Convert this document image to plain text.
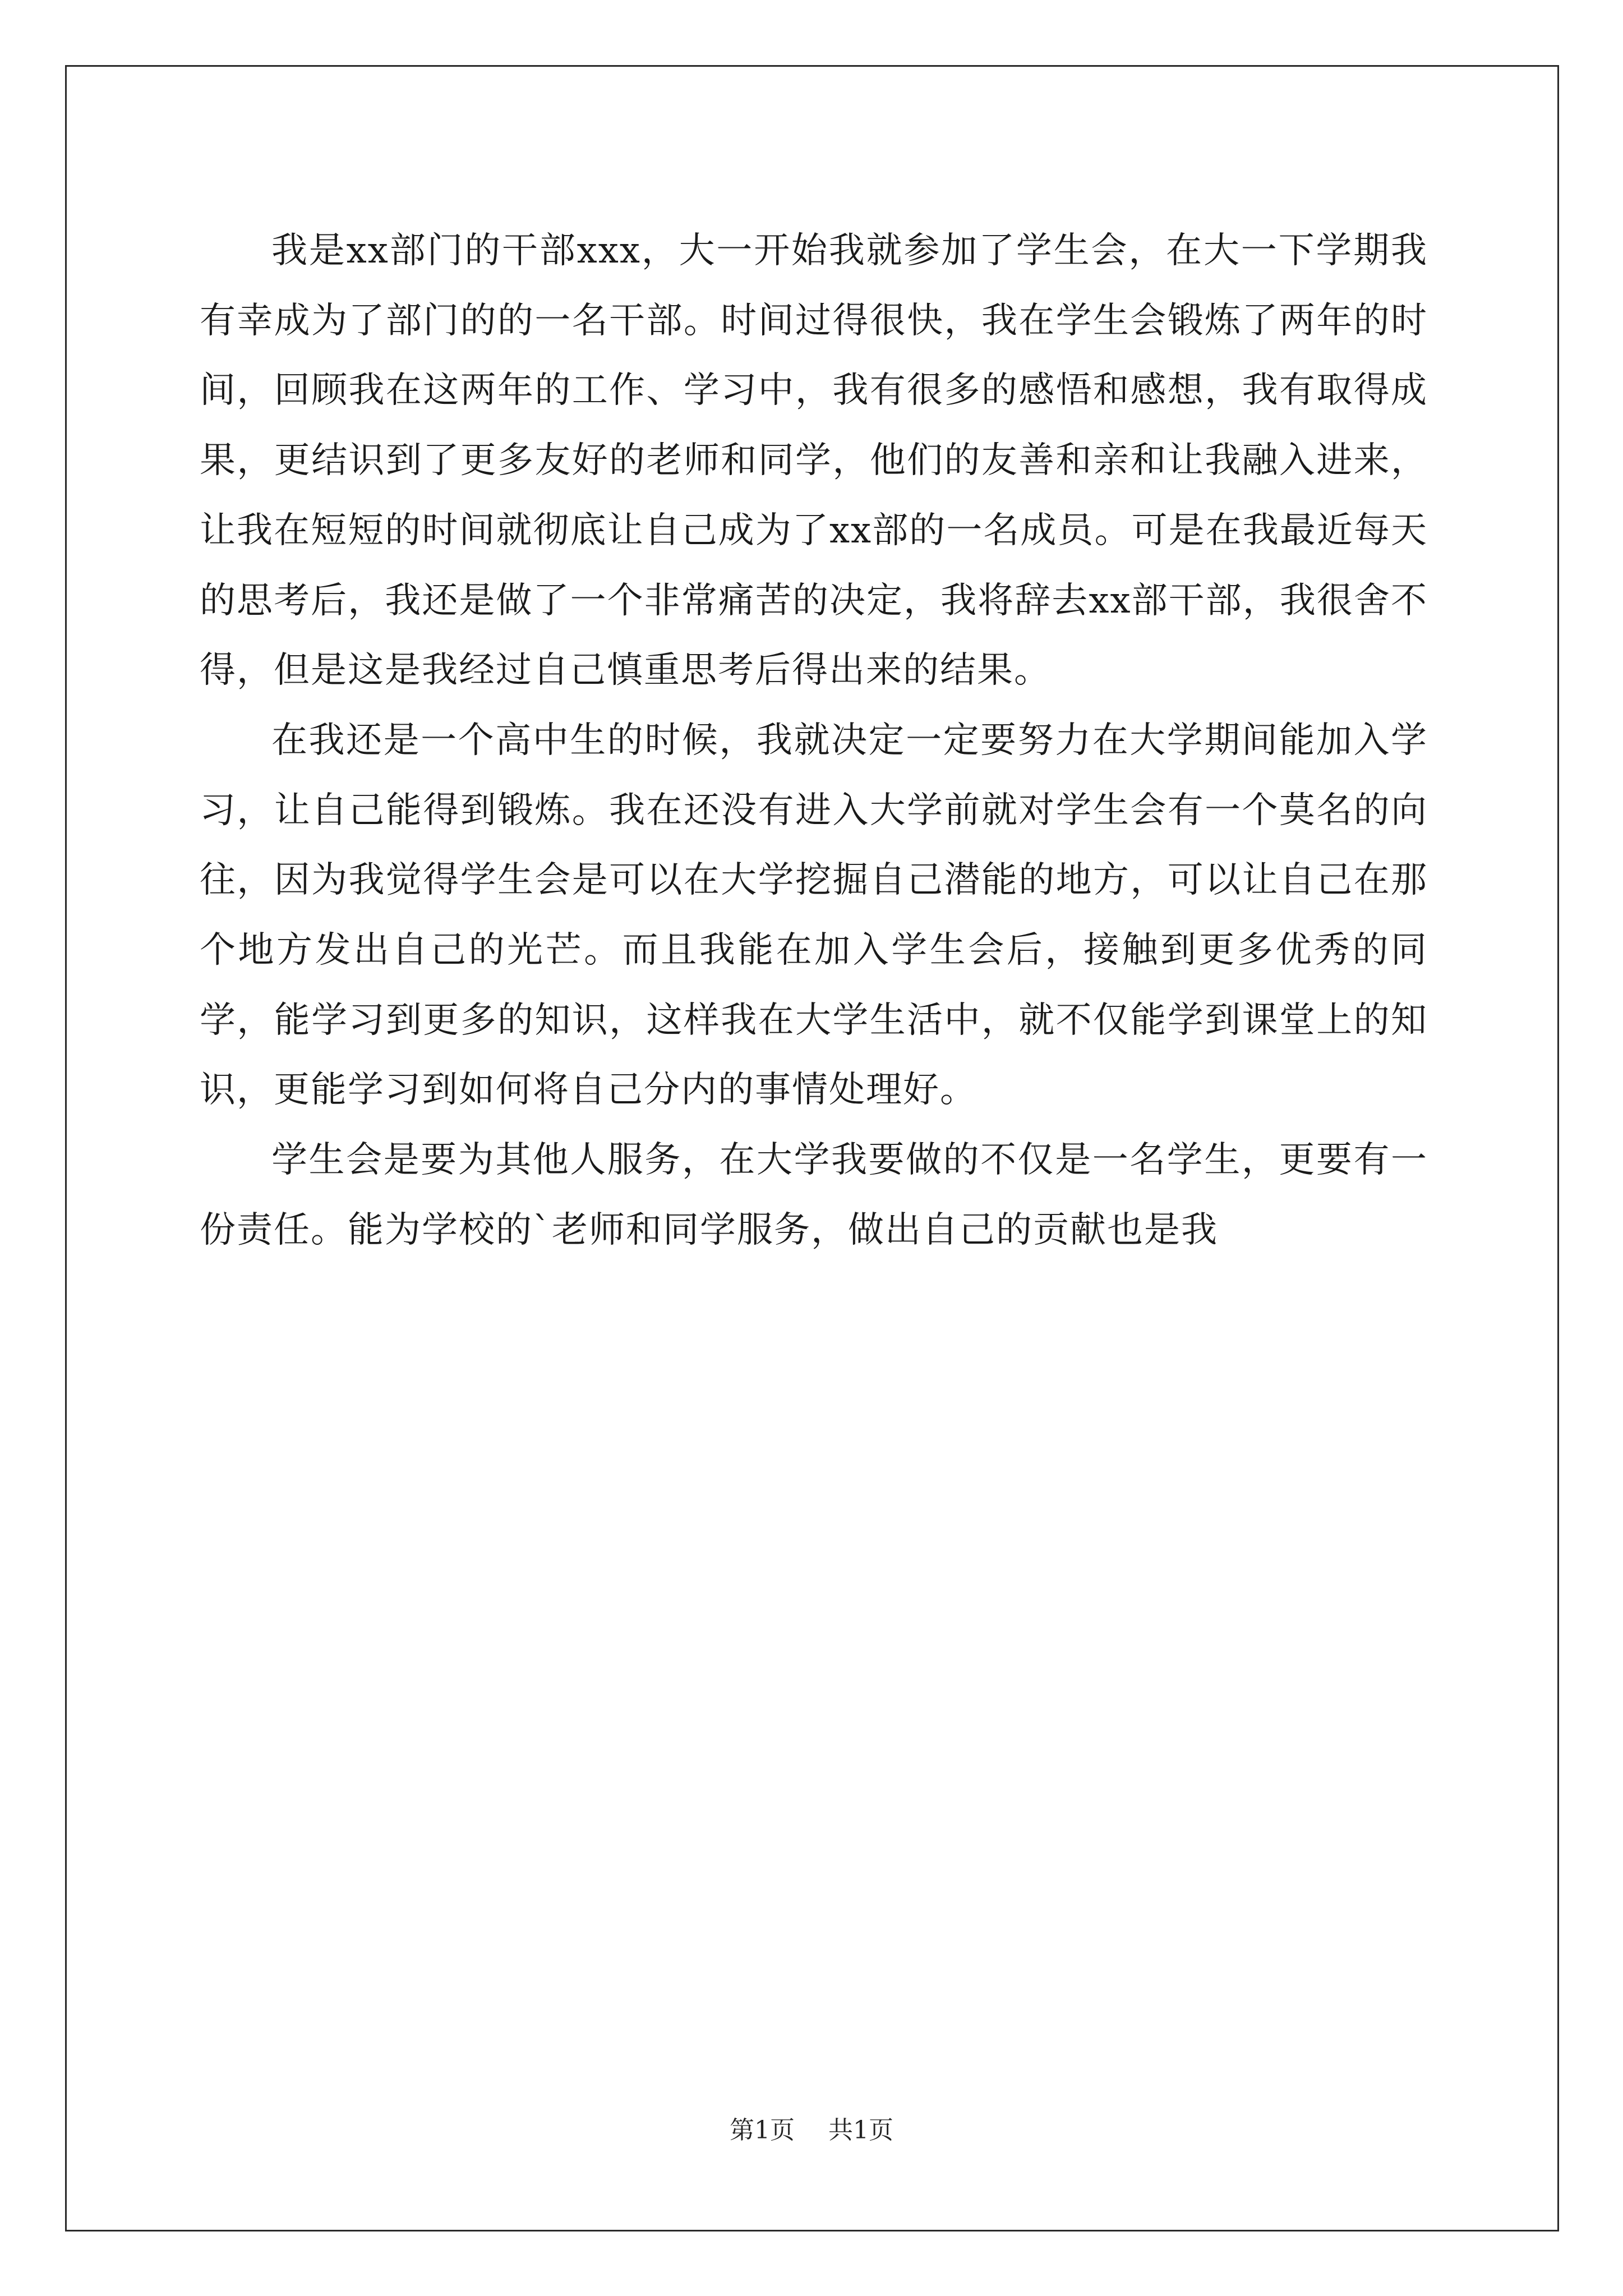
我是xx部门的干部xxx，大一开始我就参加了学生会，在大一下学期我有幸成为了部门的的一名干部。时间过得很快，我在学生会锻炼了两年的时间，回顾我在这两年的工作、学习中，我有很多的感悟和感想，我有取得成果，更结识到了更多友好的老师和同学，他们的友善和亲和让我融入进来，让我在短短的时间就彻底让自己成为了xx部的一名成员。可是在我最近每天的思考后，我还是做了一个非常痛苦的决定，我将辞去xx部干部，我很舍不得，但是这是我经过自己慎重思考后得出来的结果。

在我还是一个高中生的时候，我就决定一定要努力在大学期间能加入学习，让自己能得到锻炼。我在还没有进入大学前就对学生会有一个莫名的向往，因为我觉得学生会是可以在大学挖掘自己潜能的地方，可以让自己在那个地方发出自己的光芒。而且我能在加入学生会后，接触到更多优秀的同学，能学习到更多的知识，这样我在大学生活中，就不仅能学到课堂上的知识，更能学习到如何将自己分内的事情处理好。

学生会是要为其他人服务，在大学我要做的不仅是一名学生，更要有一份责任。能为学校的`老师和同学服务，做出自己的贡献也是我

第1页 共1页
